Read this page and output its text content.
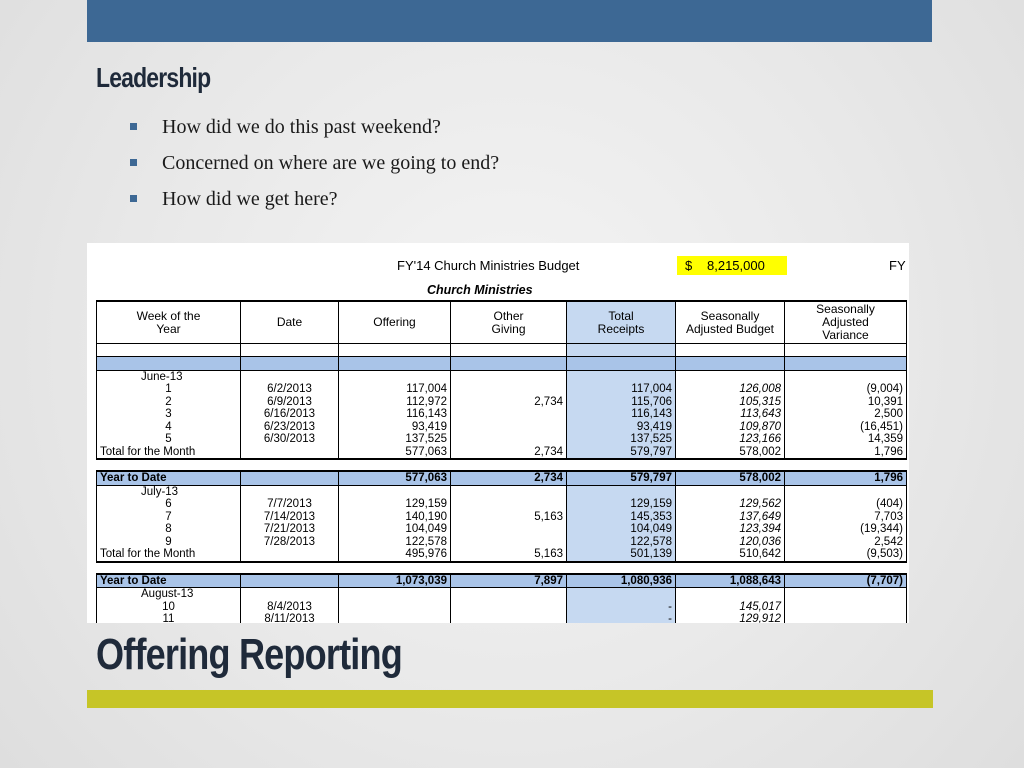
Leadership
How did we do this past weekend?
Concerned on where are we going to end?
How did we get here?
FY'14 Church Ministries Budget	$ 8,215,000	FY
Church Ministries
Week of the Year	Date	Offering	Other Giving	Total Receipts	Seasonally Adjusted Budget	Seasonally Adjusted Variance

June-13						
1	6/2/2013	117,004		117,004	126,008	(9,004)
2	6/9/2013	112,972	2,734	115,706	105,315	10,391
3	6/16/2013	116,143		116,143	113,643	2,500
4	6/23/2013	93,419		93,419	109,870	(16,451)
5	6/30/2013	137,525		137,525	123,166	14,359
Total for the Month		577,063	2,734	579,797	578,002	1,796

Year to Date		577,063	2,734	579,797	578,002	1,796
July-13						
6	7/7/2013	129,159		129,159	129,562	(404)
7	7/14/2013	140,190	5,163	145,353	137,649	7,703
8	7/21/2013	104,049		104,049	123,394	(19,344)
9	7/28/2013	122,578		122,578	120,036	2,542
Total for the Month		495,976	5,163	501,139	510,642	(9,503)

Year to Date		1,073,039	7,897	1,080,936	1,088,643	(7,707)
August-13						
10	8/4/2013			-	145,017	
11	8/11/2013			-	129,912	
Offering Reporting
